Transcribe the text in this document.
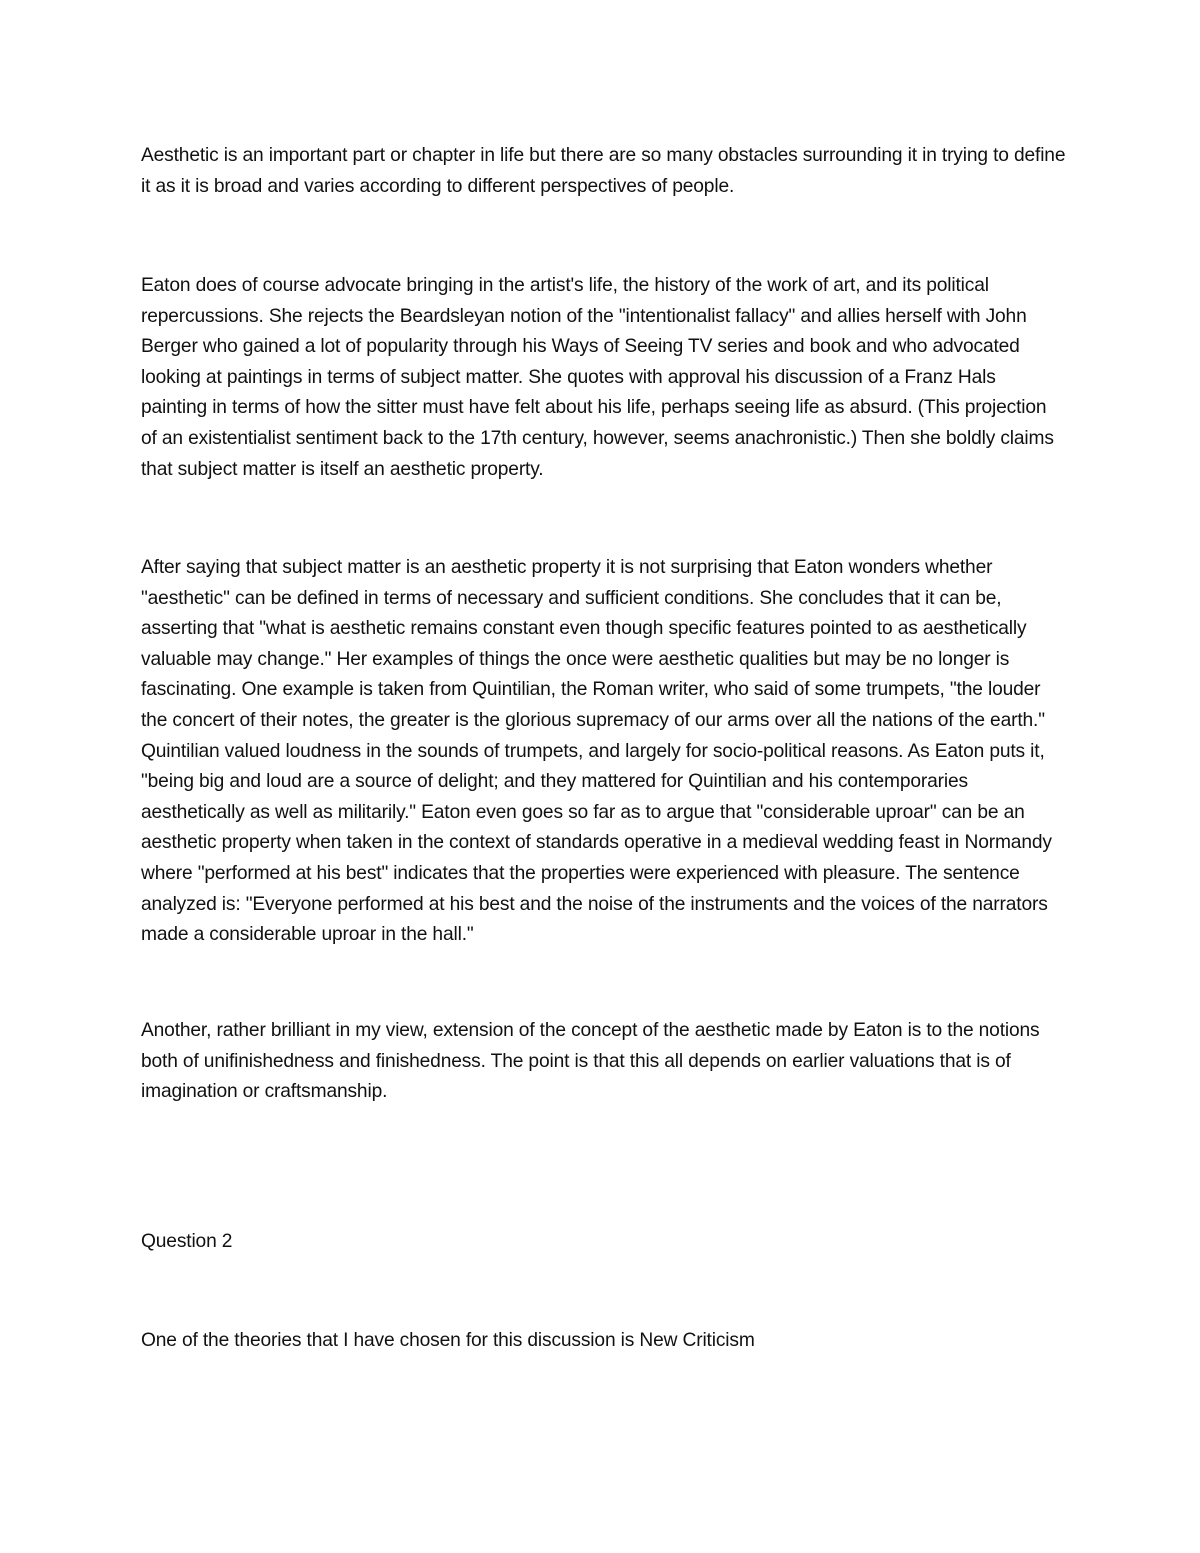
Aesthetic is an important part or chapter in life but there are so many obstacles surrounding it in trying to define it as it is broad and varies according to different perspectives of people.

Eaton does of course advocate bringing in the artist's life, the history of the work of art, and its political repercussions. She rejects the Beardsleyan notion of the "intentionalist fallacy" and allies herself with John Berger who gained a lot of popularity through his Ways of Seeing TV series and book and who advocated looking at paintings in terms of subject matter. She quotes with approval his discussion of a Franz Hals painting in terms of how the sitter must have felt about his life, perhaps seeing life as absurd. (This projection of an existentialist sentiment back to the 17th century, however, seems anachronistic.) Then she boldly claims that subject matter is itself an aesthetic property.

After saying that subject matter is an aesthetic property it is not surprising that Eaton wonders whether "aesthetic" can be defined in terms of necessary and sufficient conditions. She concludes that it can be, asserting that "what is aesthetic remains constant even though specific features pointed to as aesthetically valuable may change." Her examples of things the once were aesthetic qualities but may be no longer is fascinating. One example is taken from Quintilian, the Roman writer, who said of some trumpets, "the louder the concert of their notes, the greater is the glorious supremacy of our arms over all the nations of the earth." Quintilian valued loudness in the sounds of trumpets, and largely for socio-political reasons. As Eaton puts it, "being big and loud are a source of delight; and they mattered for Quintilian and his contemporaries aesthetically as well as militarily." Eaton even goes so far as to argue that "considerable uproar" can be an aesthetic property when taken in the context of standards operative in a medieval wedding feast in Normandy where "performed at his best" indicates that the properties were experienced with pleasure. The sentence analyzed is: "Everyone performed at his best and the noise of the instruments and the voices of the narrators made a considerable uproar in the hall."

Another, rather brilliant in my view, extension of the concept of the aesthetic made by Eaton is to the notions both of unifinishedness and finishedness. The point is that this all depends on earlier valuations that is of imagination or craftsmanship.

Question 2

One of the theories that I have chosen for this discussion is New Criticism
